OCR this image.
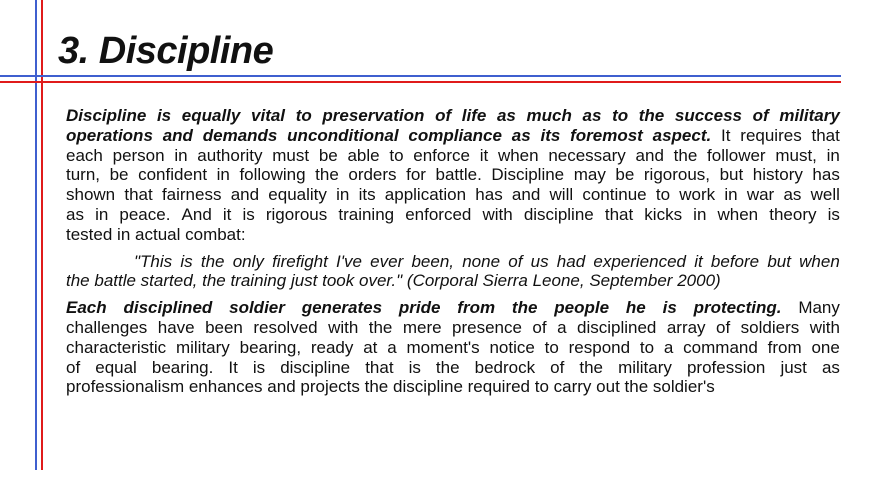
3. Discipline
Discipline is equally vital to preservation of life as much as to the success of military
operations and demands unconditional compliance as its foremost aspect. It requires that
each person in authority must be able to enforce it when necessary and the follower must, in
turn, be confident in following the orders for battle. Discipline may be rigorous, but history has
shown that fairness and equality in its application has and will continue to work in war as well
as in peace. And it is rigorous training enforced with discipline that kicks in when theory is
tested in actual combat:
"This is the only firefight I've ever been, none of us had experienced it before but when
the battle started, the training just took over." (Corporal Sierra Leone, September 2000)
Each disciplined soldier generates pride from the people he is protecting. Many
challenges have been resolved with the mere presence of a disciplined array of soldiers with
characteristic military bearing, ready at a moment's notice to respond to a command from one
of equal bearing. It is discipline that is the bedrock of the military profession just as
professionalism enhances and projects the discipline required to carry out the soldier's
